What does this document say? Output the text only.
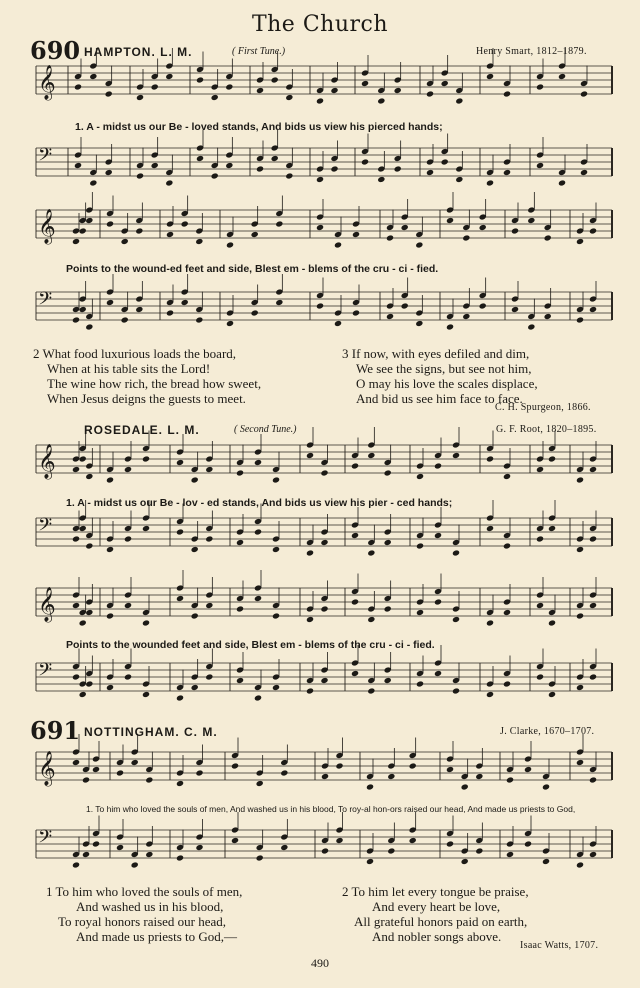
The Church
690 HAMPTON. L. M.	( First Tune.)	Henry Smart, 1812–1879.
𝄞
𝄢
𝄞
𝄢
𝄞
𝄢
𝄞
𝄢
𝄞
𝄢
1. A - midst us our Be - loved stands, And bids us view his pierced hands;
Points to the wound-ed feet and side, Blest em - blems of the cru - ci - fied.
2 What food luxurious loads the board,
When at his table sits the Lord!
The wine how rich, the bread how sweet,
When Jesus deigns the guests to meet.
3 If now, with eyes defiled and dim,
We see the signs, but see not him,
O may his love the scales displace,
And bid us see him face to face.
C. H. Spurgeon, 1866.
ROSEDALE. L. M.	( Second Tune.)	G. F. Root, 1820–1895.
1. A - midst us our Be - lov - ed stands, And bids us view his pier - ced hands;
Points to the wounded feet and side, Blest em - blems of the cru - ci - fied.
691 NOTTINGHAM. C. M.	J. Clarke, 1670–1707.
1. To him who loved the souls of men, And washed us in his blood, To roy-al hon-ors raised our head, And made us priests to God,
1 To him who loved the souls of men,
And washed us in his blood,
To royal honors raised our head,
And made us priests to God,—
2 To him let every tongue be praise,
And every heart be love,
All grateful honors paid on earth,
And nobler songs above.
Isaac Watts, 1707.
490
